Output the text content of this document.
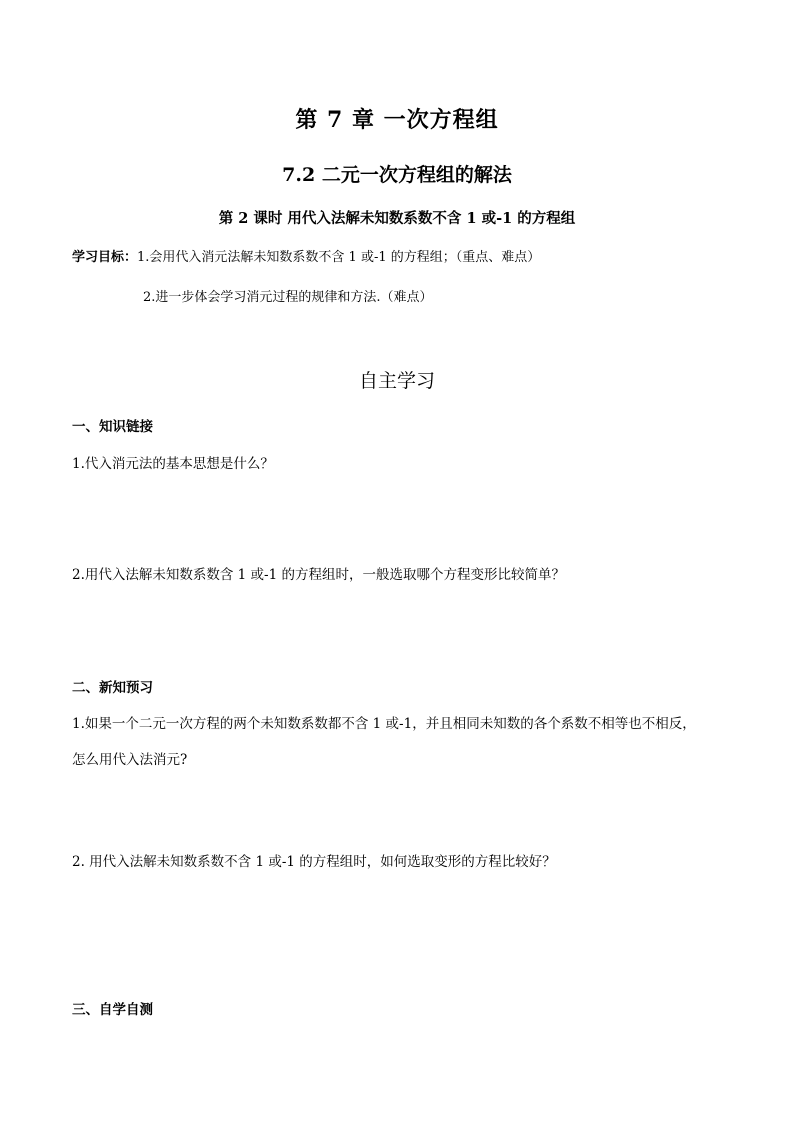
第 7 章 一次方程组
7.2 二元一次方程组的解法
第 2 课时 用代入法解未知数系数不含 1 或-1 的方程组
学习目标：1.会用代入消元法解未知数系数不含 1 或-1 的方程组；（重点、难点）
2.进一步体会学习消元过程的规律和方法.（难点）
自主学习
一、知识链接
1.代入消元法的基本思想是什么？
2.用代入法解未知数系数含 1 或-1 的方程组时，一般选取哪个方程变形比较简单？
二、新知预习
1.如果一个二元一次方程的两个未知数系数都不含 1 或-1，并且相同未知数的各个系数不相等也不相反，
怎么用代入法消元?
2. 用代入法解未知数系数不含 1 或-1 的方程组时，如何选取变形的方程比较好？
三、自学自测
